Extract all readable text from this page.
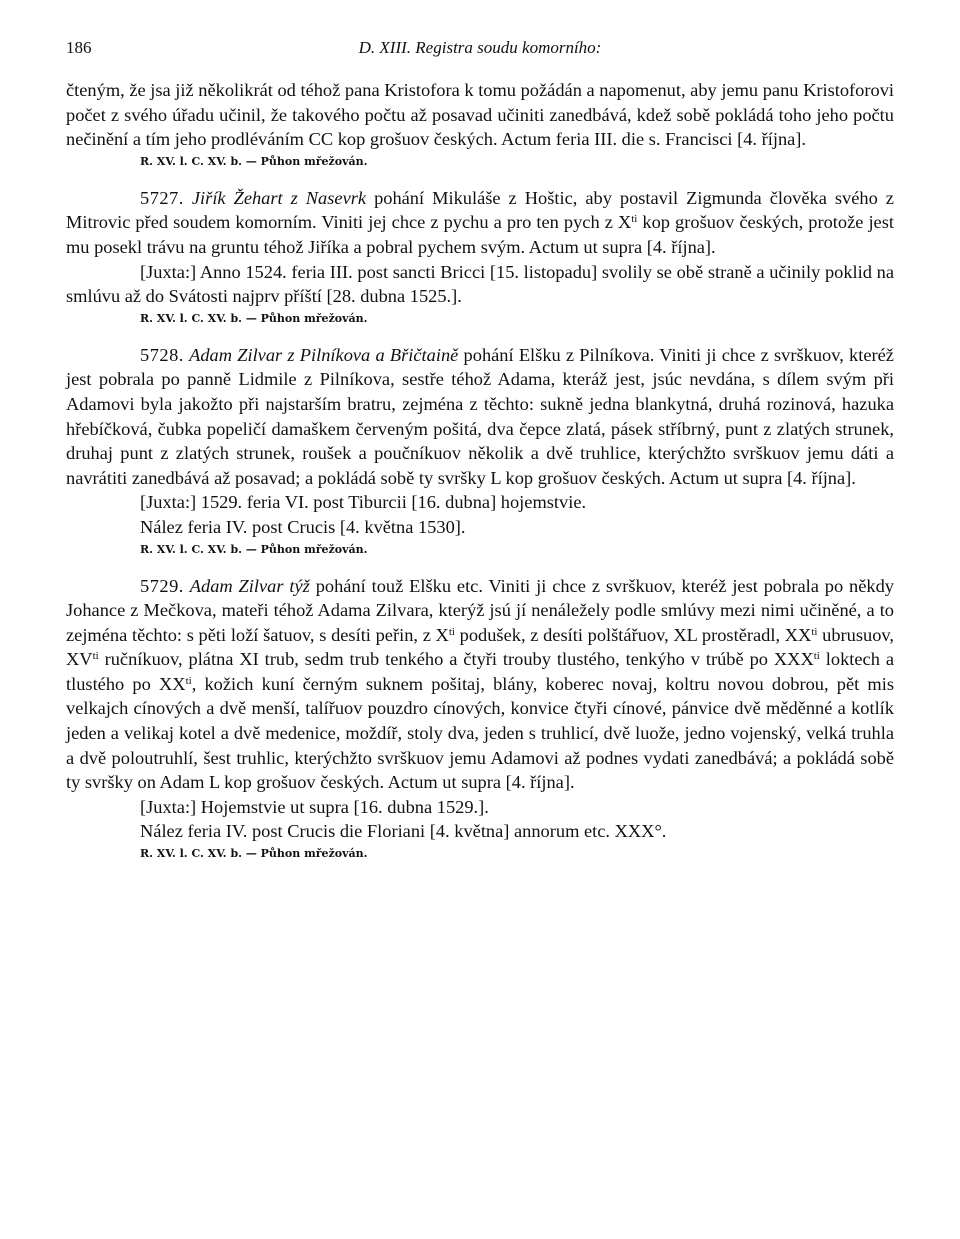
186	D. XIII. Registra soudu komorního:

čteným, že jsa již několikrát od téhož pana Kristofora k tomu požádán a napomenut, aby jemu panu Kristoforovi počet z svého úřadu učinil, že takového počtu až posavad učiniti zanedbává, kdež sobě pokládá toho jeho počtu nečinění a tím jeho prodléváním CC kop grošuov českých. Actum feria III. die s. Francisci [4. října].

R. XV. l. C. XV. b. — Půhon mřežován.

5727. Jiřík Žehart z Nasevrk pohání Mikuláše z Hoštic, aby postavil Zigmunda člověka svého z Mitrovic před soudem komorním. Viniti jej chce z pychu a pro ten pych z $X^{ti}$ kop grošuov českých, protože jest mu posekl trávu na gruntu téhož Jiříka a pobral pychem svým. Actum ut supra [4. října].

[Juxta:] Anno 1524. feria III. post sancti Bricci [15. listopadu] svolily se obě straně a učinily poklid na smlúvu až do Svátosti najprv příští [28. dubna 1525.].

R. XV. l. C. XV. b. — Půhon mřežován.

5728. Adam Zilvar z Pilníkova a Břičtaině pohání Elšku z Pilníkova. Viniti ji chce z svrškuov, kteréž jest pobrala po panně Lidmile z Pilníkova, sestře téhož Adama, kteráž jest, jsúc nevdána, s dílem svým při Adamovi byla jakožto při najstarším bratru, zejména z těchto: sukně jedna blankytná, druhá rozinová, hazuka hřebíčková, čubka popeličí damaškem červeným pošitá, dva čepce zlatá, pásek stříbrný, punt z zlatých strunek, druhaj punt z zlatých strunek, roušek a poučníkuov několik a dvě truhlice, kterýchžto svrškuov jemu dáti a navrátiti zanedbává až posavad; a pokládá sobě ty svršky L kop grošuov českých. Actum ut supra [4. října].

[Juxta:] 1529. feria VI. post Tiburcii [16. dubna] hojemstvie.

Nález feria IV. post Crucis [4. května 1530].

R. XV. l. C. XV. b. — Půhon mřežován.

5729. Adam Zilvar týž pohání touž Elšku etc. Viniti ji chce z svrškuov, kteréž jest pobrala po někdy Johance z Mečkova, mateři téhož Adama Zilvara, kterýž jsú jí nenáležely podle smlúvy mezi nimi učiněné, a to zejména těchto: s pěti loží šatuov, s desíti peřin, z $X^{ti}$ podušek, z desíti polštářuov, XL prostěradl, $XX^{ti}$ ubrusuov, $XV^{ti}$ ručníkuov, plátna XI trub, sedm trub tenkého a čtyři trouby tlustého, tenkýho v trúbě po $XXX^{ti}$ loktech a tlustého po $XX^{ti}$, kožich kuní černým suknem pošitaj, blány, koberec novaj, koltru novou dobrou, pět mis velkajch cínových a dvě menší, talířuov pouzdro cínových, konvice čtyři cínové, pánvice dvě měděnné a kotlík jeden a velikaj kotel a dvě medenice, moždíř, stoly dva, jeden s truhlicí, dvě luože, jedno vojenský, velká truhla a dvě poloutruhlí, šest truhlic, kterýchžto svrškuov jemu Adamovi až podnes vydati zanedbává; a pokládá sobě ty svršky on Adam L kop grošuov českých. Actum ut supra [4. října].

[Juxta:] Hojemstvie ut supra [16. dubna 1529.].

Nález feria IV. post Crucis die Floriani [4. května] annorum etc. XXX°.

R. XV. l. C. XV. b. — Půhon mřežován.
